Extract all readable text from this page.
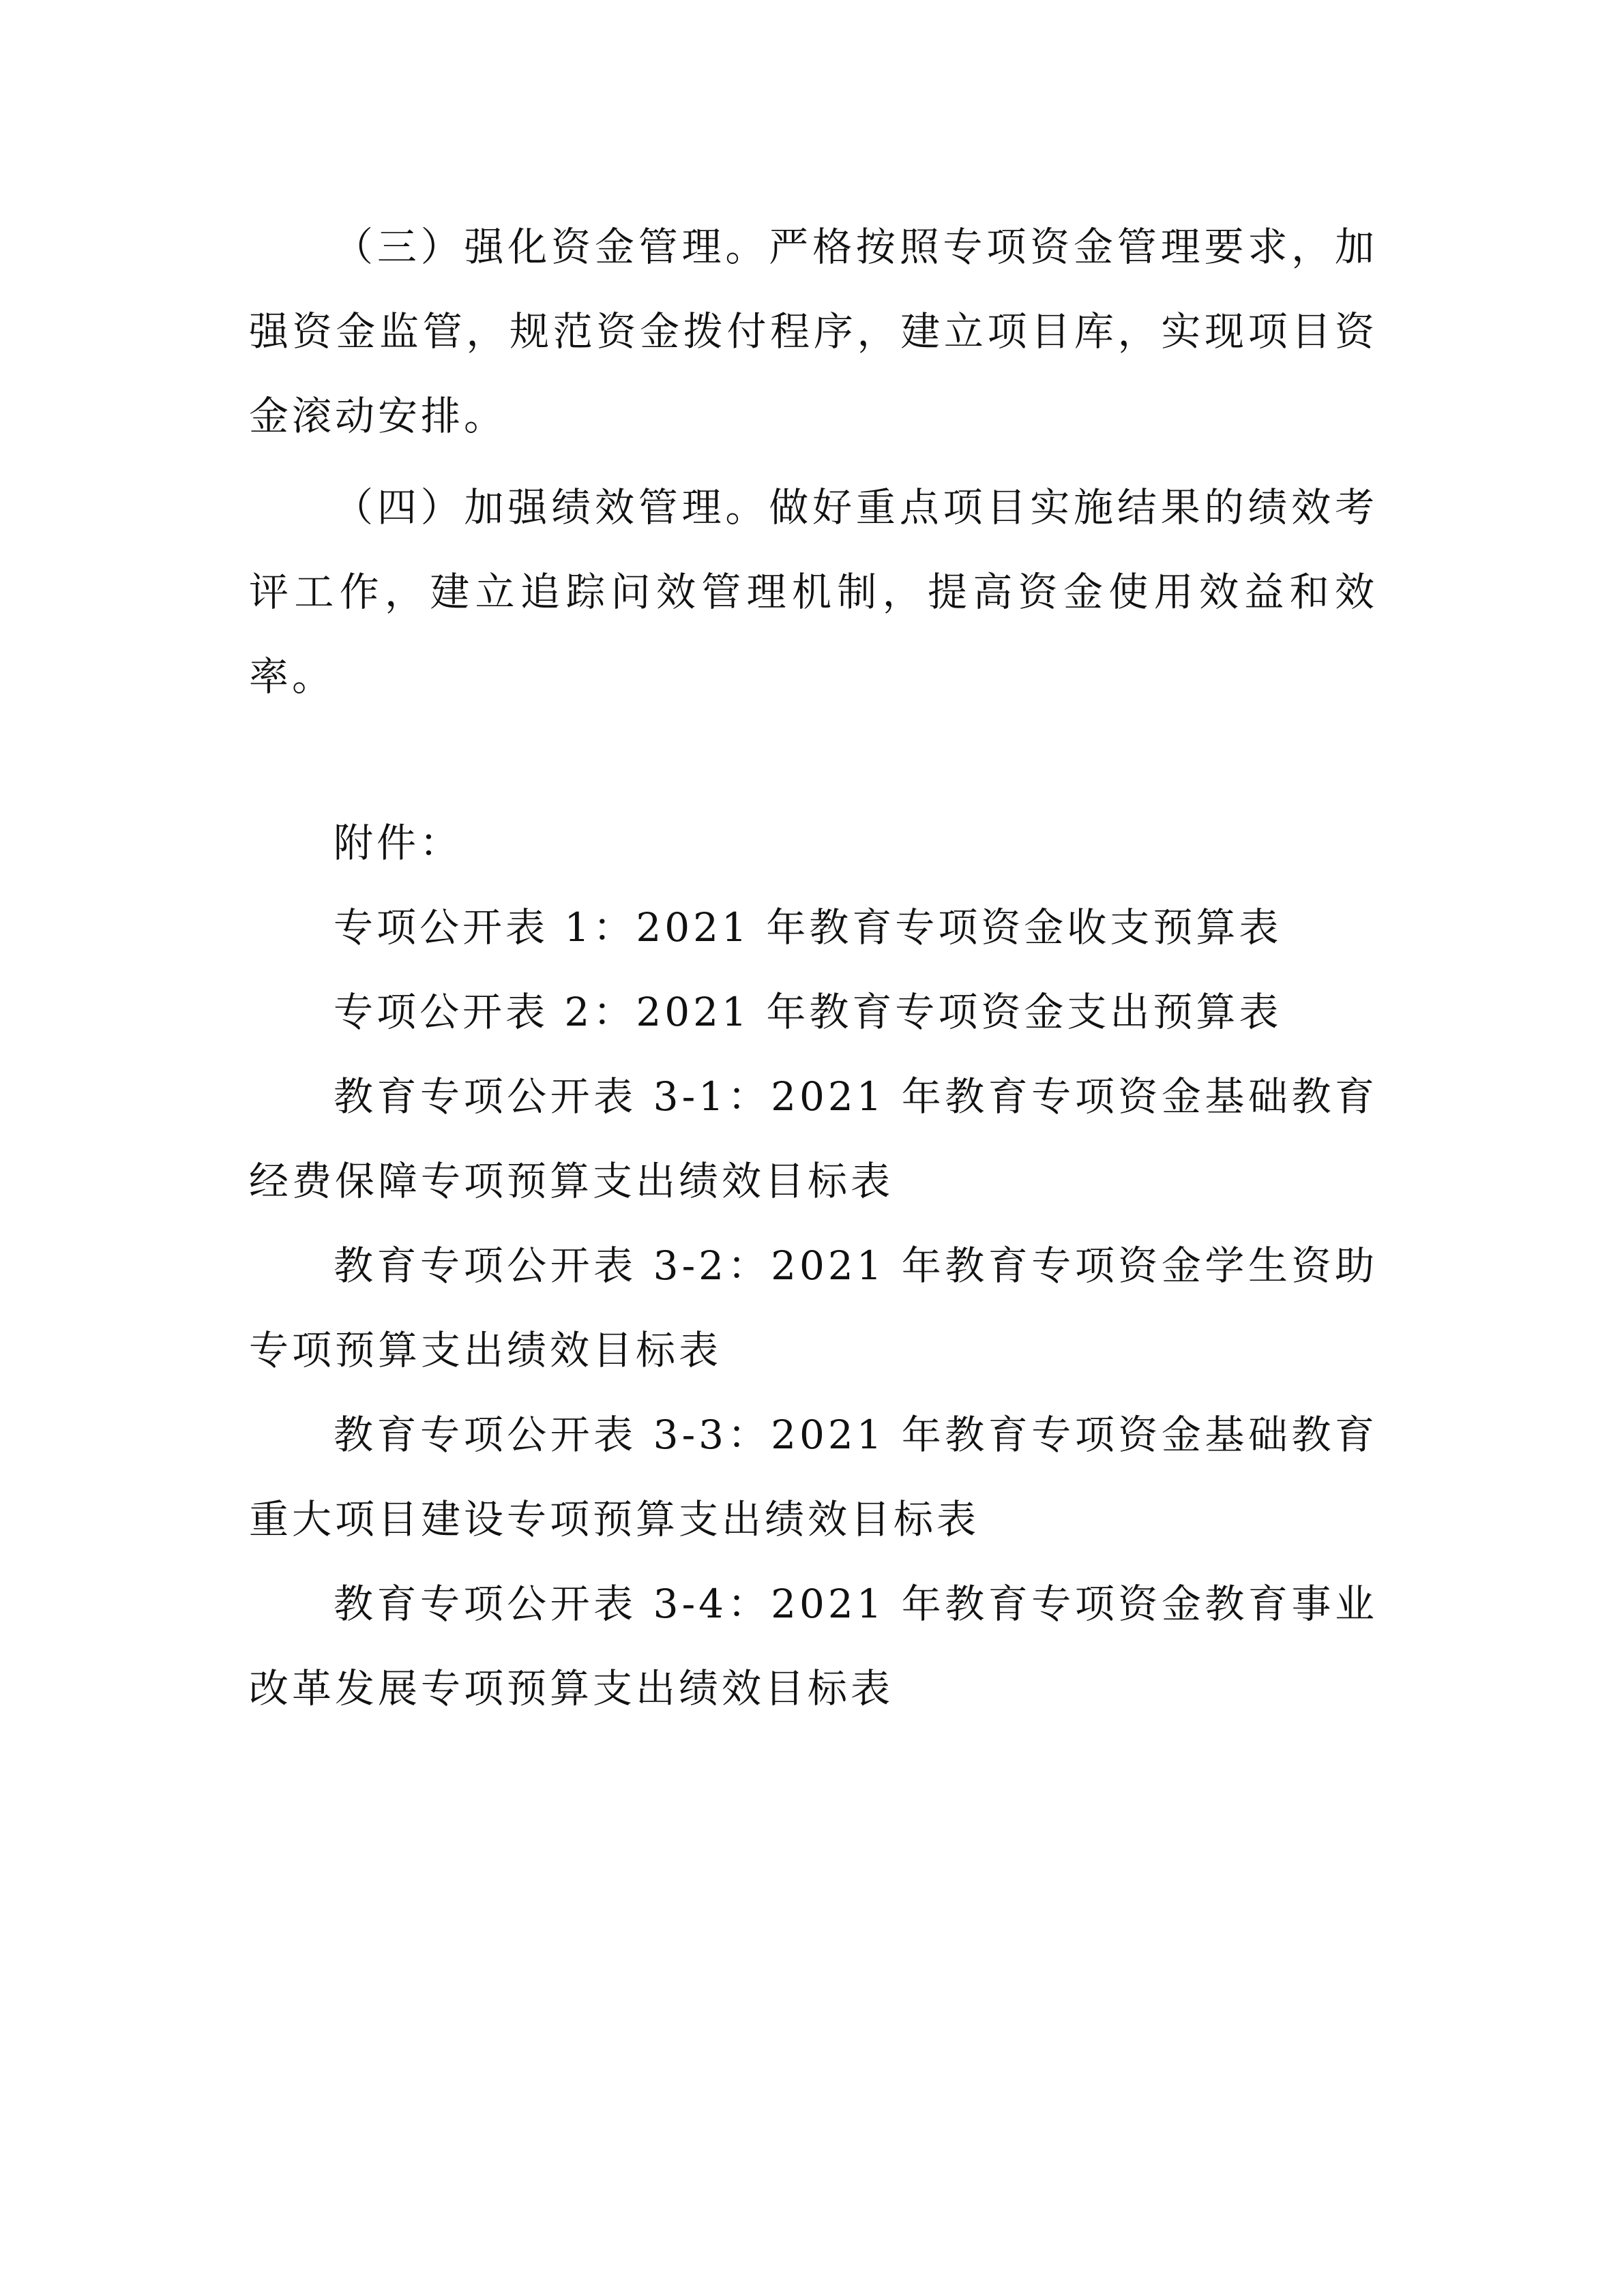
（三）强化资金管理。严格按照专项资金管理要求，加强资金监管，规范资金拨付程序，建立项目库，实现项目资金滚动安排。

（四）加强绩效管理。做好重点项目实施结果的绩效考评工作，建立追踪问效管理机制，提高资金使用效益和效率。

附件：

专项公开表 1：2021 年教育专项资金收支预算表

专项公开表 2：2021 年教育专项资金支出预算表

教育专项公开表 3-1：2021 年教育专项资金基础教育经费保障专项预算支出绩效目标表

教育专项公开表 3-2：2021 年教育专项资金学生资助专项预算支出绩效目标表

教育专项公开表 3-3：2021 年教育专项资金基础教育重大项目建设专项预算支出绩效目标表

教育专项公开表 3-4：2021 年教育专项资金教育事业改革发展专项预算支出绩效目标表
